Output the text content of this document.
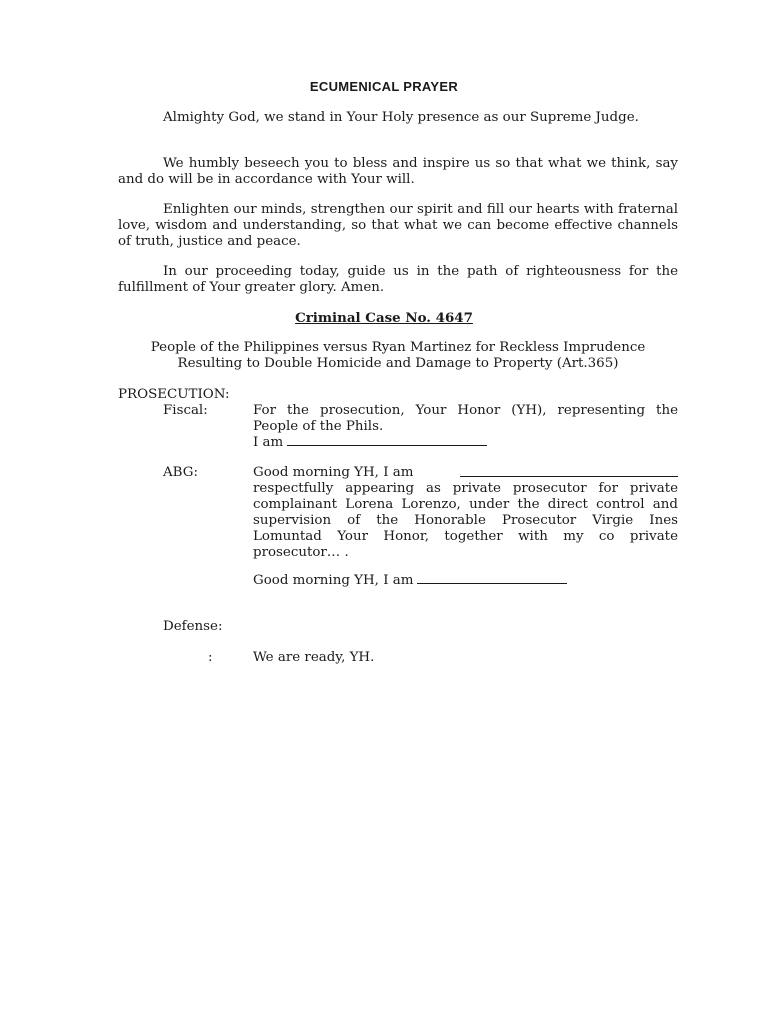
ECUMENICAL PRAYER

Almighty God, we stand in Your Holy presence as our Supreme Judge.

We humbly beseech you to bless and inspire us so that what we think, say and do will be in accordance with Your will.

Enlighten our minds, strengthen our spirit and fill our hearts with fraternal love, wisdom and understanding, so that what we can become effective channels of truth, justice and peace.

In our proceeding today, guide us in the path of righteousness for the fulfillment of Your greater glory. Amen.

Criminal Case No. 4647
People of the Philippines versus Ryan Martinez for Reckless Imprudence
Resulting to Double Homicide and Damage to Property (Art.365)
PROSECUTION:
Fiscal:	For the prosecution, Your Honor (YH), representing the People of the Phils.
I am
ABG:	Good morning YH, I am
respectfully appearing as private prosecutor for private complainant Lorena Lorenzo, under the direct control and supervision of the Honorable Prosecutor Virgie Ines Lomuntad Your Honor, together with my co private prosecutor… .
Good morning YH, I am
Defense:
:	We are ready, YH.
